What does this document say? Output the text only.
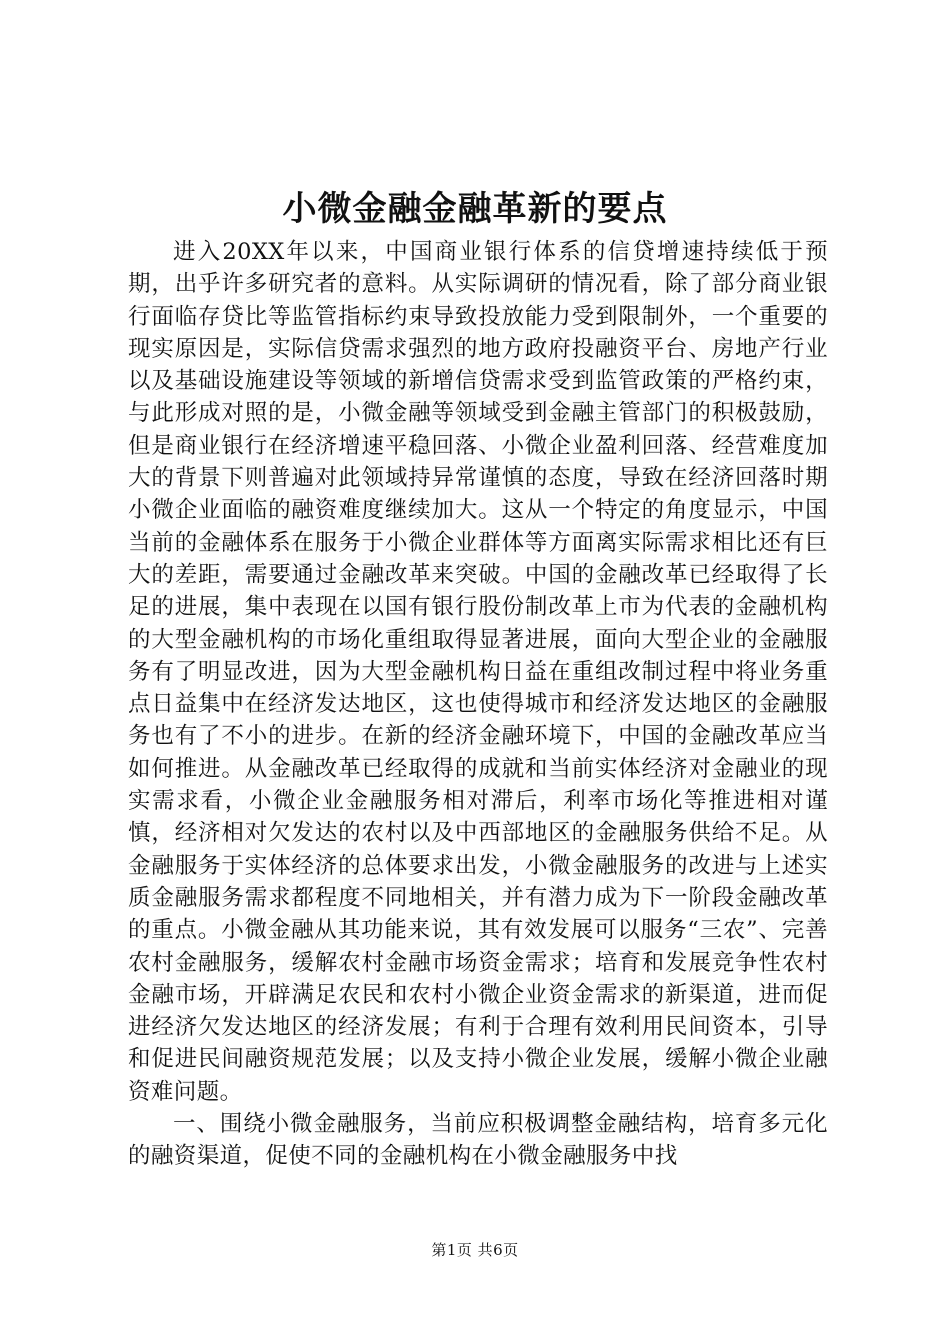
小微金融金融革新的要点

进入20XX年以来，中国商业银行体系的信贷增速持续低于预期，出乎许多研究者的意料。从实际调研的情况看，除了部分商业银行面临存贷比等监管指标约束导致投放能力受到限制外，一个重要的现实原因是，实际信贷需求强烈的地方政府投融资平台、房地产行业以及基础设施建设等领域的新增信贷需求受到监管政策的严格约束，与此形成对照的是，小微金融等领域受到金融主管部门的积极鼓励，但是商业银行在经济增速平稳回落、小微企业盈利回落、经营难度加大的背景下则普遍对此领域持异常谨慎的态度，导致在经济回落时期小微企业面临的融资难度继续加大。这从一个特定的角度显示，中国当前的金融体系在服务于小微企业群体等方面离实际需求相比还有巨大的差距，需要通过金融改革来突破。中国的金融改革已经取得了长足的进展，集中表现在以国有银行股份制改革上市为代表的金融机构的大型金融机构的市场化重组取得显著进展，面向大型企业的金融服务有了明显改进，因为大型金融机构日益在重组改制过程中将业务重点日益集中在经济发达地区，这也使得城市和经济发达地区的金融服务也有了不小的进步。在新的经济金融环境下，中国的金融改革应当如何推进。从金融改革已经取得的成就和当前实体经济对金融业的现实需求看，小微企业金融服务相对滞后，利率市场化等推进相对谨慎，经济相对欠发达的农村以及中西部地区的金融服务供给不足。从金融服务于实体经济的总体要求出发，小微金融服务的改进与上述实质金融服务需求都程度不同地相关，并有潜力成为下一阶段金融改革的重点。小微金融从其功能来说，其有效发展可以服务“三农”、完善农村金融服务，缓解农村金融市场资金需求；培育和发展竞争性农村金融市场，开辟满足农民和农村小微企业资金需求的新渠道，进而促进经济欠发达地区的经济发展；有利于合理有效利用民间资本，引导和促进民间融资规范发展；以及支持小微企业发展，缓解小微企业融资难问题。

一、围绕小微金融服务，当前应积极调整金融结构，培育多元化的融资渠道，促使不同的金融机构在小微金融服务中找

第1页 共6页
